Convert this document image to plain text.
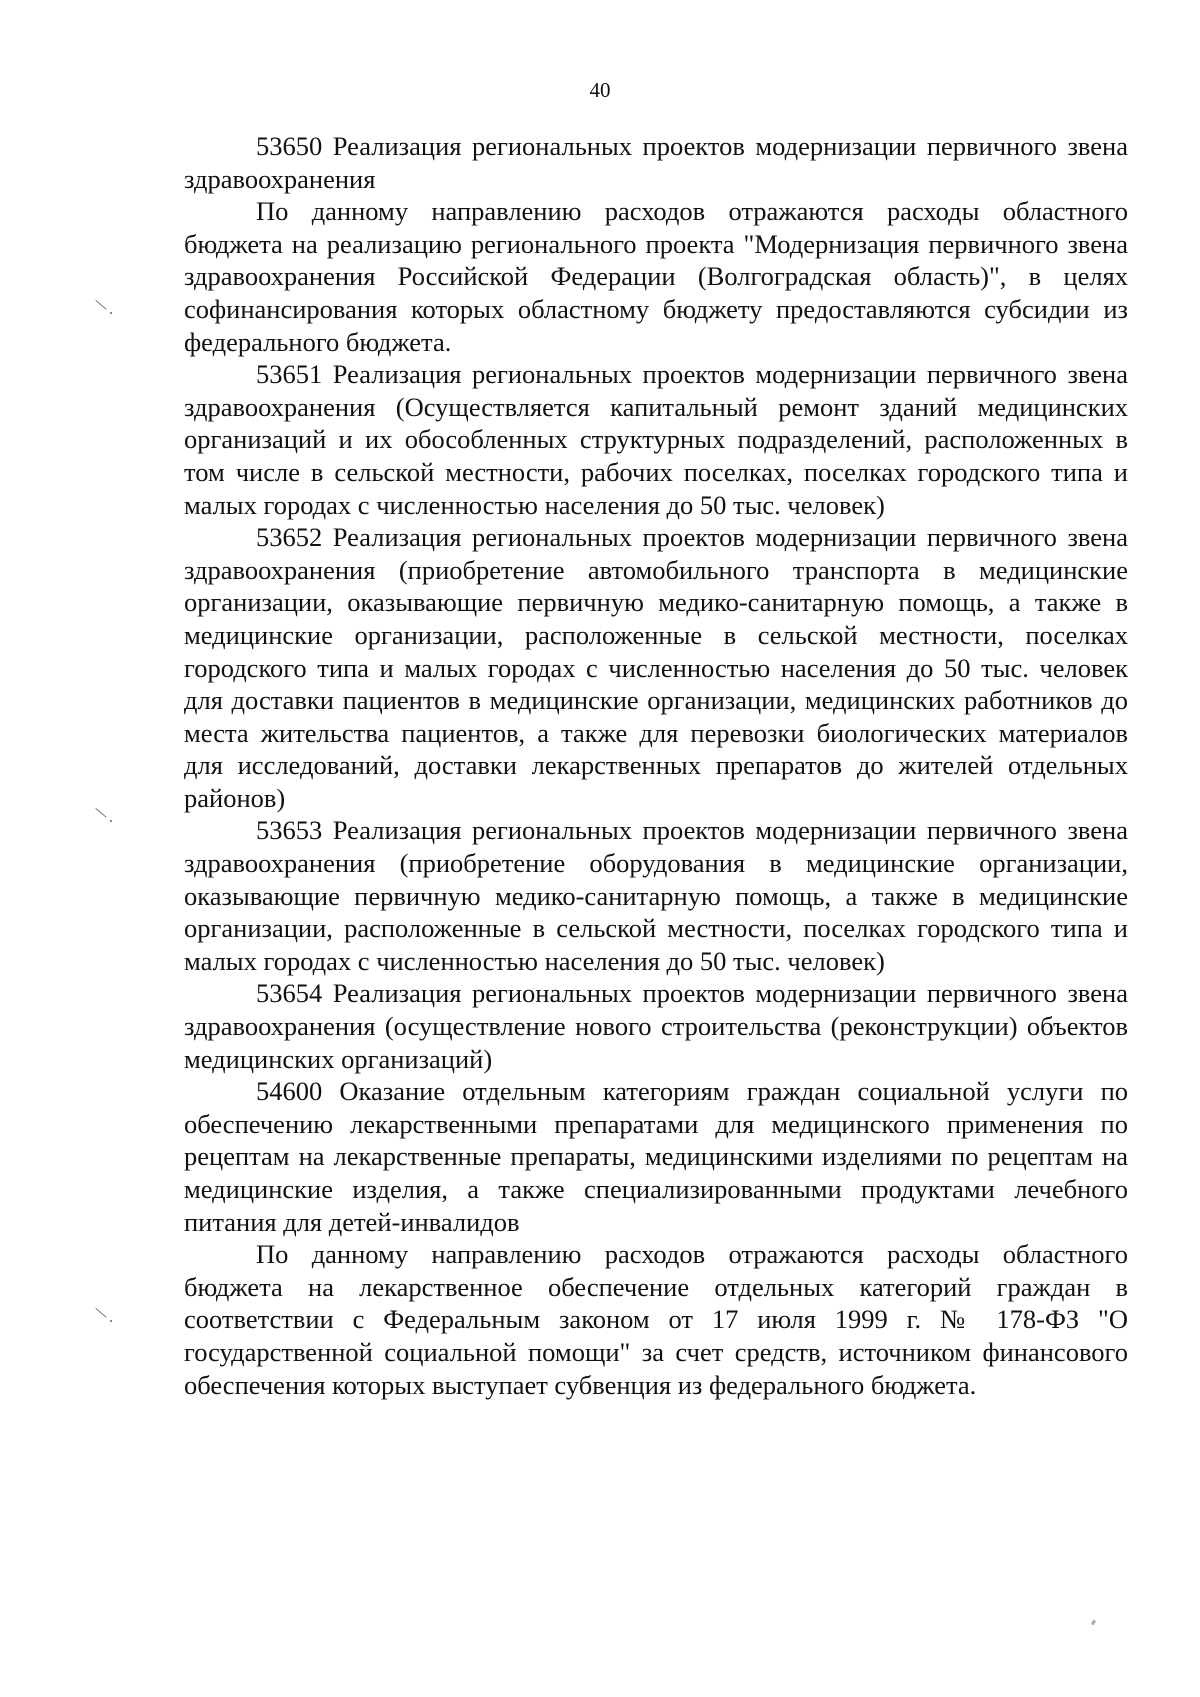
40

53650 Реализация региональных проектов модернизации первичного звена здравоохранения

По данному направлению расходов отражаются расходы областного бюджета на реализацию регионального проекта "Модернизация первичного звена здравоохранения Российской Федерации (Волгоградская область)", в целях софинансирования которых областному бюджету предоставляются субсидии из федерального бюджета.

53651 Реализация региональных проектов модернизации первичного звена здравоохранения (Осуществляется капитальный ремонт зданий медицинских организаций и их обособленных структурных подразделений, расположенных в том числе в сельской местности, рабочих поселках, поселках городского типа и малых городах с численностью населения до 50 тыс. человек)

53652 Реализация региональных проектов модернизации первичного звена здравоохранения (приобретение автомобильного транспорта в медицинские организации, оказывающие первичную медико-санитарную помощь, а также в медицинские организации, расположенные в сельской местности, поселках городского типа и малых городах с численностью населения до 50 тыс. человек для доставки пациентов в медицинские организации, медицинских работников до места жительства пациентов, а также для перевозки биологических материалов для исследований, доставки лекарственных препаратов до жителей отдельных районов)

53653 Реализация региональных проектов модернизации первичного звена здравоохранения (приобретение оборудования в медицинские организации, оказывающие первичную медико-санитарную помощь, а также в медицинские организации, расположенные в сельской местности, поселках городского типа и малых городах с численностью населения до 50 тыс. человек)

53654 Реализация региональных проектов модернизации первичного звена здравоохранения (осуществление нового строительства (реконструкции) объектов медицинских организаций)

54600 Оказание отдельным категориям граждан социальной услуги по обеспечению лекарственными препаратами для медицинского применения по рецептам на лекарственные препараты, медицинскими изделиями по рецептам на медицинские изделия, а также специализированными продуктами лечебного питания для детей-инвалидов

По данному направлению расходов отражаются расходы областного бюджета на лекарственное обеспечение отдельных категорий граждан в соответствии с Федеральным законом от 17 июля 1999 г. № 178-ФЗ "О государственной социальной помощи" за счет средств, источником финансового обеспечения которых выступает субвенция из федерального бюджета.
